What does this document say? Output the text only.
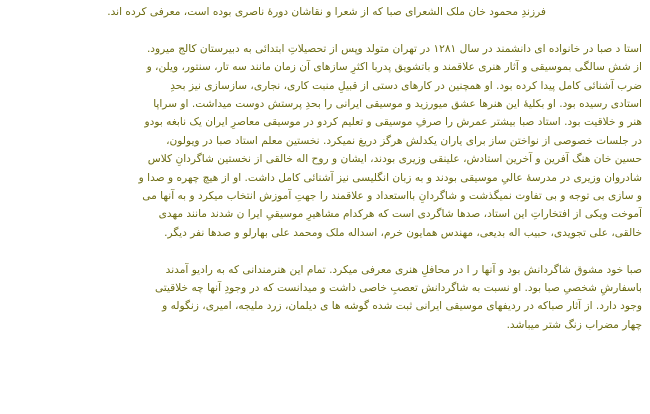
فرزندِ محمود خان ملک الشعرای صبا که از شعرا و نقاشان دورهٔ ناصری بوده است، معرفی کرده اند.
استا د صبا در خانواده ای دانشمند در سال ۱۲۸۱ در تهران متولد وپس از تحصیلاتِ ابتدائی به دبیرستان کالج میرود.
از شش سالگی بموسیقی و آثار هنری علاقمند و باتشویق پدربا اکثرِ سازهای آن زمان مانند سه تار، سنتور، ویلن، و
ضرب آشنائی کامل پیدا کرده بود. او همچنین در کارهای دستی از قبیلِ منبت کاری، نجاری، سازسازی نیز بحدِ
استادی رسیده بود. او بکلیهٔ این هنرها عشق میورزید و موسیقی ایرانی را بحدِ پرستش دوست میداشت. او سراپا
هنر و خلاقیت بود. استاد صبا بیشتر عمرش را صرفِ موسیقی و تعلیم کردو در موسیقی معاصرِ ایران یک نابغه بودو
در جلسات خصوصی از نواختن ساز برای یاران یکدلش هرگز دریغ نمیکرد. نخستین معلم استاد صبا در ویولون،
حسین خان هنگ آفرین و آخرین استادش، علینقی وزیری بودند، ایشان و روح اله خالقی از نخستین شاگردانِ کلاس
شادروان وزیری در مدرسهٔ عالیِ موسیقی بودند و به زبان انگلیسی نیز آشنائی کامل داشت. او از هیچ چهره و صدا و
و سازی بی توجه و بی تفاوت نمیگذشت و شاگردانِ بااستعداد و علاقمند را جهتِ آموزش انتخاب میکرد و به آنها می
آموخت ویکی از افتخاراتِ این استاد، صدها شاگردی است که هرکدام مشاهیرِ موسیقیِ ایرا ن شدند مانند مهدی
خالقی، علی تجویدی، حبیب اله بدیعی، مهندس همایون خرم، اسداله ملک ومحمد علی بهارلو و صدها نفر دیگر.
صبا خود مشوق شاگردانش بود و آنها ر ا در محافلِ هنری معرفی میکرد. تمام این هنرمندانی که به رادیو آمدند
باسفارشِ شخصیِ صبا بود. او نسبت به شاگردانش تعصبِ خاصی داشت و میدانست که در وجودِ آنها چه خلاقیتی
وجود دارد. از آثار صباکه در ردیفهای موسیقی ایرانی ثبت شده گوشه ها ی دیلمان، زرد ملیجه، امیری، زنگوله و
چهار مضراب زنگ شتر میباشد.
